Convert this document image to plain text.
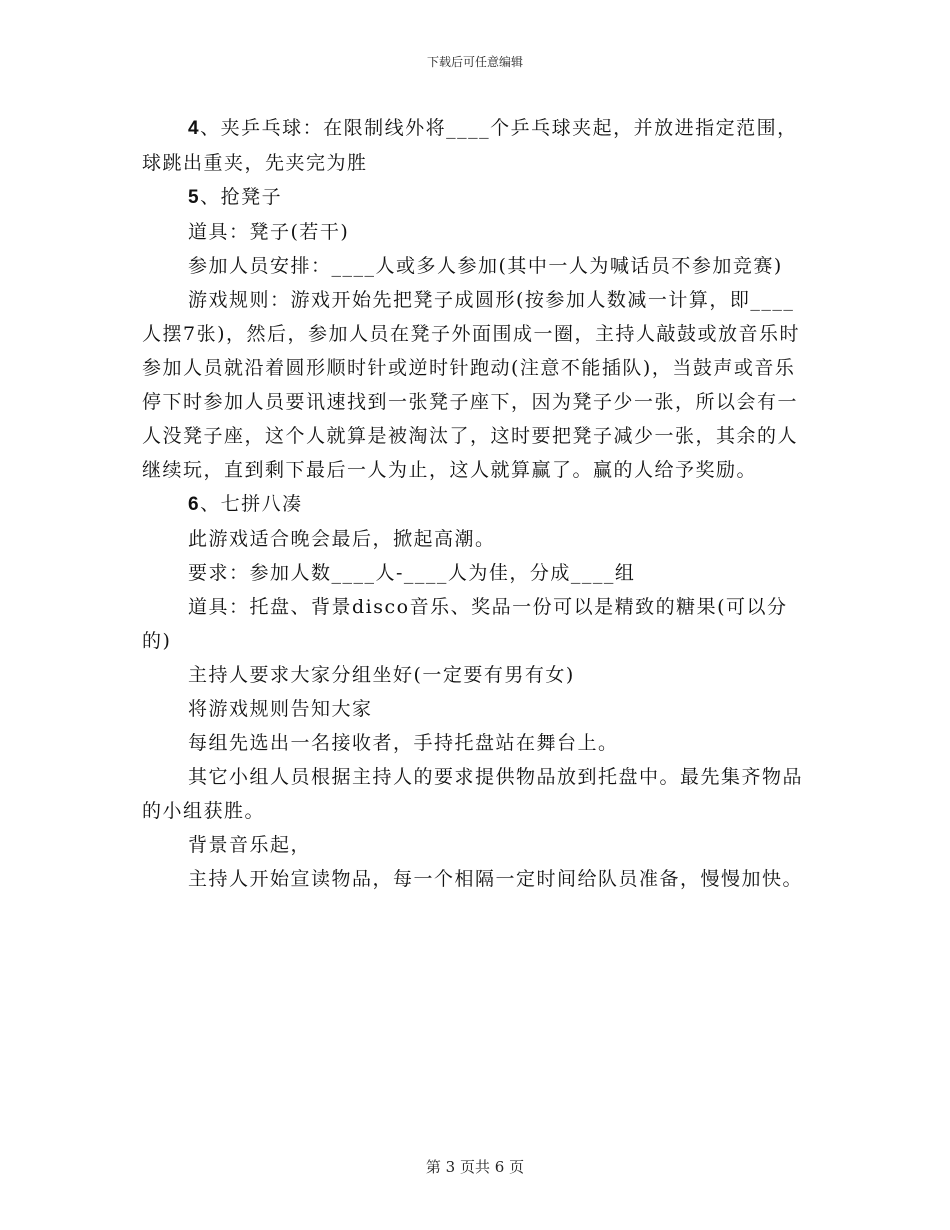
下载后可任意编辑

4、夹乒乓球：在限制线外将____个乒乓球夹起，并放进指定范围，球跳出重夹，先夹完为胜

5、抢凳子

道具：凳子(若干)

参加人员安排：____人或多人参加(其中一人为喊话员不参加竞赛)

游戏规则：游戏开始先把凳子成圆形(按参加人数减一计算，即____人摆7张)，然后，参加人员在凳子外面围成一圈，主持人敲鼓或放音乐时参加人员就沿着圆形顺时针或逆时针跑动(注意不能插队)，当鼓声或音乐停下时参加人员要讯速找到一张凳子座下，因为凳子少一张，所以会有一人没凳子座，这个人就算是被淘汰了，这时要把凳子减少一张，其余的人继续玩，直到剩下最后一人为止，这人就算赢了。赢的人给予奖励。

6、七拼八凑

此游戏适合晚会最后，掀起高潮。

要求：参加人数____人-____人为佳，分成____组

道具：托盘、背景disco音乐、奖品一份可以是精致的糖果(可以分的)

主持人要求大家分组坐好(一定要有男有女)

将游戏规则告知大家

每组先选出一名接收者，手持托盘站在舞台上。

其它小组人员根据主持人的要求提供物品放到托盘中。最先集齐物品的小组获胜。

背景音乐起，

主持人开始宣读物品，每一个相隔一定时间给队员准备，慢慢加快。

第 3 页共 6 页
